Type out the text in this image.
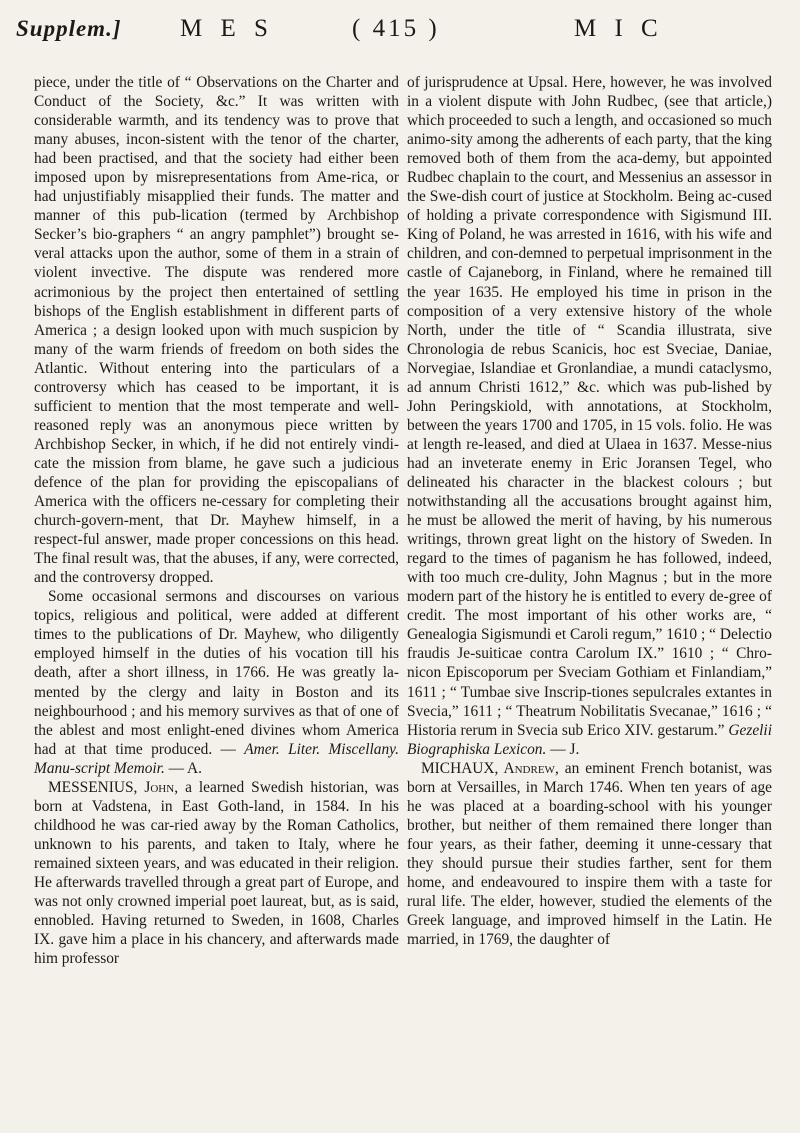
Supplem.] M E S	( 415 )	M I C

piece, under the title of “ Observations on the Charter and Conduct of the Society, &c.” It was written with considerable warmth, and its tendency was to prove that many abuses, incon-sistent with the tenor of the charter, had been practised, and that the society had either been imposed upon by misrepresentations from Ame-rica, or had unjustifiably misapplied their funds. The matter and manner of this pub-lication (termed by Archbishop Secker’s bio-graphers “ an angry pamphlet”) brought se-veral attacks upon the author, some of them in a strain of violent invective. The dispute was rendered more acrimonious by the project then entertained of settling bishops of the English establishment in different parts of America ; a design looked upon with much suspicion by many of the warm friends of freedom on both sides the Atlantic. Without entering into the particulars of a controversy which has ceased to be important, it is sufficient to mention that the most temperate and well-reasoned reply was an anonymous piece written by Archbishop Secker, in which, if he did not entirely vindi-cate the mission from blame, he gave such a judicious defence of the plan for providing the episcopalians of America with the officers ne-cessary for completing their church-govern-ment, that Dr. Mayhew himself, in a respect-ful answer, made proper concessions on this head. The final result was, that the abuses, if any, were corrected, and the controversy dropped.

Some occasional sermons and discourses on various topics, religious and political, were added at different times to the publications of Dr. Mayhew, who diligently employed himself in the duties of his vocation till his death, after a short illness, in 1766. He was greatly la-mented by the clergy and laity in Boston and its neighbourhood ; and his memory survives as that of one of the ablest and most enlight-ened divines whom America had at that time produced. — Amer. Liter. Miscellany. Manu-script Memoir. — A.

MESSENIUS, John, a learned Swedish historian, was born at Vadstena, in East Goth-land, in 1584. In his childhood he was car-ried away by the Roman Catholics, unknown to his parents, and taken to Italy, where he remained sixteen years, and was educated in their religion. He afterwards travelled through a great part of Europe, and was not only crowned imperial poet laureat, but, as is said, ennobled. Having returned to Sweden, in 1608, Charles IX. gave him a place in his chancery, and afterwards made him professor

of jurisprudence at Upsal. Here, however, he was involved in a violent dispute with John Rudbec, (see that article,) which proceeded to such a length, and occasioned so much animo-sity among the adherents of each party, that the king removed both of them from the aca-demy, but appointed Rudbec chaplain to the court, and Messenius an assessor in the Swe-dish court of justice at Stockholm. Being ac-cused of holding a private correspondence with Sigismund III. King of Poland, he was arrested in 1616, with his wife and children, and con-demned to perpetual imprisonment in the castle of Cajaneborg, in Finland, where he remained till the year 1635. He employed his time in prison in the composition of a very extensive history of the whole North, under the title of “ Scandia illustrata, sive Chronologia de rebus Scanicis, hoc est Sveciae, Daniae, Norvegiae, Islandiae et Gronlandiae, a mundi cataclysmo, ad annum Christi 1612,” &c. which was pub-lished by John Peringskiold, with annotations, at Stockholm, between the years 1700 and 1705, in 15 vols. folio. He was at length re-leased, and died at Ulaea in 1637. Messe-nius had an inveterate enemy in Eric Joransen Tegel, who delineated his character in the blackest colours ; but notwithstanding all the accusations brought against him, he must be allowed the merit of having, by his numerous writings, thrown great light on the history of Sweden. In regard to the times of paganism he has followed, indeed, with too much cre-dulity, John Magnus ; but in the more modern part of the history he is entitled to every de-gree of credit. The most important of his other works are, “ Genealogia Sigismundi et Caroli regum,” 1610 ; “ Delectio fraudis Je-suiticae contra Carolum IX.” 1610 ; “ Chro-nicon Episcoporum per Sveciam Gothiam et Finlandiam,” 1611 ; “ Tumbae sive Inscrip-tiones sepulcrales extantes in Svecia,” 1611 ; “ Theatrum Nobilitatis Svecanae,” 1616 ; “ Historia rerum in Svecia sub Erico XIV. gestarum.” Gezelii Biographiska Lexicon. — J.

MICHAUX, Andrew, an eminent French botanist, was born at Versailles, in March 1746. When ten years of age he was placed at a boarding-school with his younger brother, but neither of them remained there longer than four years, as their father, deeming it unne-cessary that they should pursue their studies farther, sent for them home, and endeavoured to inspire them with a taste for rural life. The elder, however, studied the elements of the Greek language, and improved himself in the Latin. He married, in 1769, the daughter of
